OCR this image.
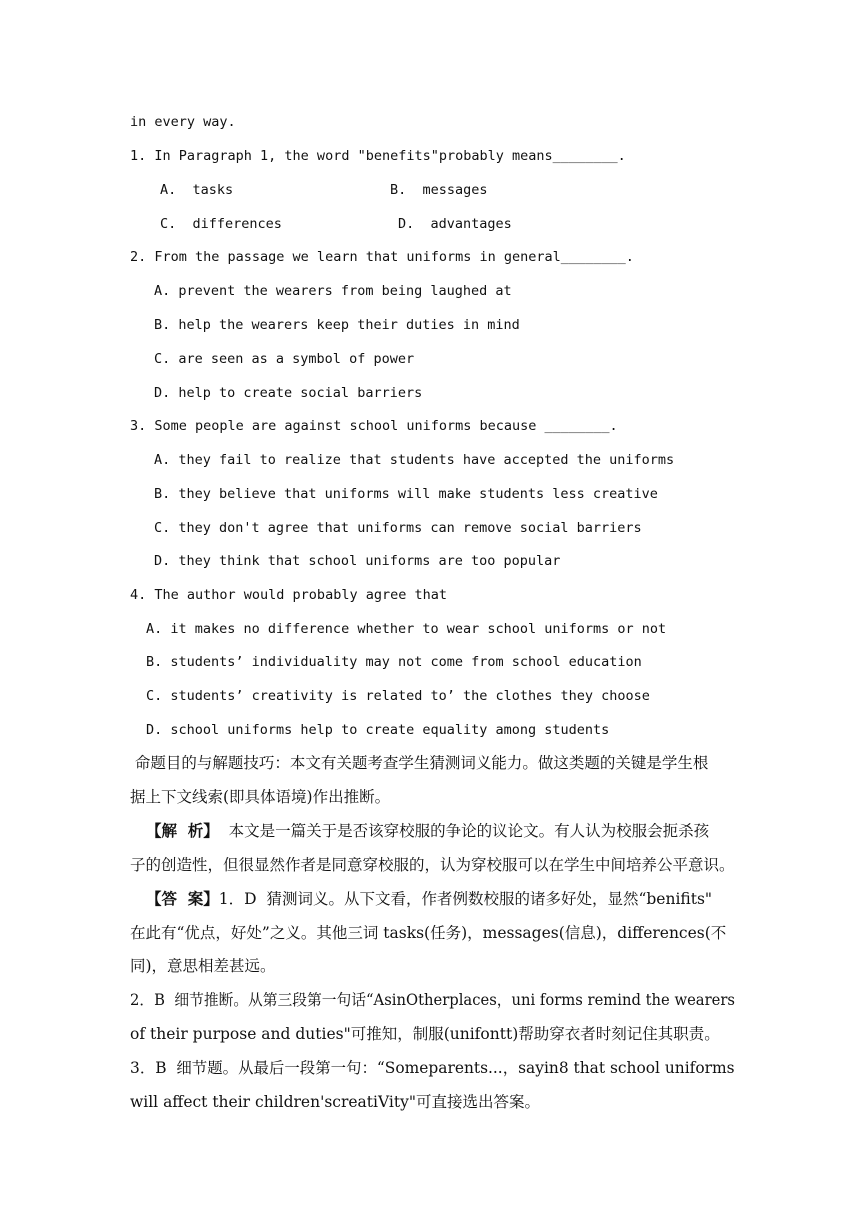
in every way.
1. In Paragraph 1, the word "benefits"probably means________.
A.  tasks	B.  messages
C.  differences	D.  advantages
2. From the passage we learn that uniforms in general________.
A. prevent the wearers from being laughed at
B. help the wearers keep their duties in mind
C. are seen as a symbol of power
D. help to create social barriers
3. Some people are against school uniforms because ________.
A. they fail to realize that students have accepted the uniforms
B. they believe that uniforms will make students less creative
C. they don't agree that uniforms can remove social barriers
D. they think that school uniforms are too popular
4. The author would probably agree that
A. it makes no difference whether to wear school uniforms or not
B. students’ individuality may not come from school education
C. students’ creativity is related to’ the clothes they choose
D. school uniforms help to create equality among students
命题目的与解题技巧：本文有关题考查学生猜测词义能力。做这类题的关键是学生根
据上下文线索(即具体语境)作出推断。
【解  析】  本文是一篇关于是否该穿校服的争论的议论文。有人认为校服会扼杀孩
子的创造性，但很显然作者是同意穿校服的，认为穿校服可以在学生中间培养公平意识。
【答  案】1．D  猜测词义。从下文看，作者例数校服的诸多好处，显然“benifits"
在此有“优点，好处”之义。其他三词 tasks(任务)，messages(信息)，differences(不
同)，意思相差甚远。
2．B  细节推断。从第三段第一句话“AsinOtherplaces，uni forms remind the wearers
of their purpose and duties"可推知，制服(unifontt)帮助穿衣者时刻记住其职责。
3．B  细节题。从最后一段第一句：“Someparents...，sayin8 that school uniforms
will affect their children'screatiVity"可直接选出答案。
